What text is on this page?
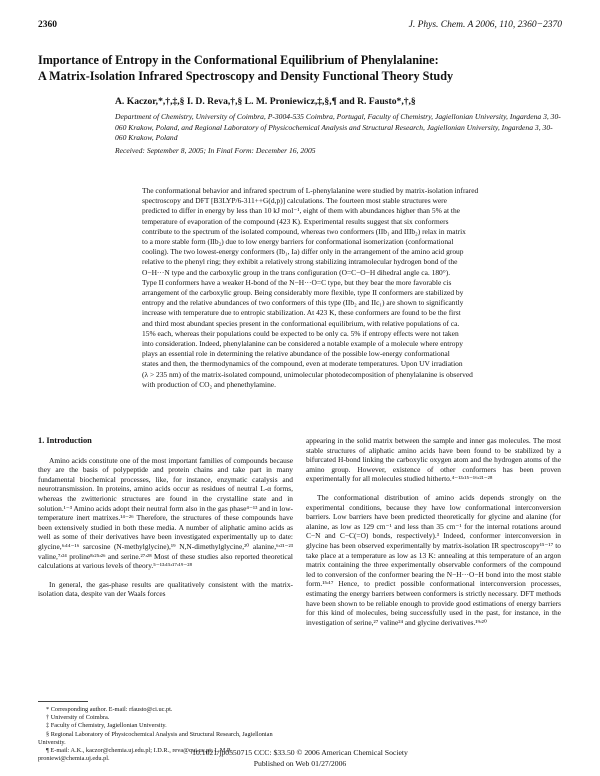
2360	J. Phys. Chem. A 2006, 110, 2360−2370
Importance of Entropy in the Conformational Equilibrium of Phenylalanine:
A Matrix-Isolation Infrared Spectroscopy and Density Functional Theory Study
A. Kaczor,*,†,‡,§ I. D. Reva,†,§ L. M. Proniewicz,‡,§,¶ and R. Fausto*,†,§
Department of Chemistry, University of Coimbra, P-3004-535 Coimbra, Portugal, Faculty of Chemistry, Jagiellonian University, Ingardena 3, 30-060 Krakow, Poland, and Regional Laboratory of Physicochemical Analysis and Structural Research, Jagiellonian University, Ingardena 3, 30-060 Krakow, Poland
Received: September 8, 2005; In Final Form: December 16, 2005
The conformational behavior and infrared spectrum of L-phenylalanine were studied by matrix-isolation infrared
spectroscopy and DFT [B3LYP/6-311++G(d,p)] calculations. The fourteen most stable structures were
predicted to differ in energy by less than 10 kJ mol⁻¹, eight of them with abundances higher than 5% at the
temperature of evaporation of the compound (423 K). Experimental results suggest that six conformers
contribute to the spectrum of the isolated compound, whereas two conformers (IIb₁ and IIIb₂) relax in matrix
to a more stable form (IIb₂) due to low energy barriers for conformational isomerization (conformational
cooling). The two lowest-energy conformers (Ib₁, Ia) differ only in the arrangement of the amino acid group
relative to the phenyl ring; they exhibit a relatively strong stabilizing intramolecular hydrogen bond of the
O−H···N type and the carboxylic group in the trans configuration (O=C−O−H dihedral angle ca. 180°).
Type II conformers have a weaker H-bond of the N−H···O=C type, but they bear the more favorable cis
arrangement of the carboxylic group. Being considerably more flexible, type II conformers are stabilized by
entropy and the relative abundances of two conformers of this type (IIb₂ and IIc₁) are shown to significantly
increase with temperature due to entropic stabilization. At 423 K, these conformers are found to be the first
and third most abundant species present in the conformational equilibrium, with relative populations of ca.
15% each, whereas their populations could be expected to be only ca. 5% if entropy effects were not taken
into consideration. Indeed, phenylalanine can be considered a notable example of a molecule where entropy
plays an essential role in determining the relative abundance of the possible low-energy conformational
states and then, the thermodynamics of the compound, even at moderate temperatures. Upon UV irradiation
(λ > 235 nm) of the matrix-isolated compound, unimolecular photodecomposition of phenylalanine is observed
with production of CO₂ and phenethylamine.
1. Introduction

Amino acids constitute one of the most important families of compounds because they are the basis of polypeptide and protein chains and take part in many fundamental biochemical processes, like, for instance, enzymatic catalysis and neurotransmission. In proteins, amino acids occur as residues of neutral L-α forms, whereas the zwitterionic structures are found in the crystalline state and in solution.¹⁻³ Amino acids adopt their neutral form also in the gas phase⁴⁻¹³ and in low-temperature inert matrixes.¹⁴⁻²⁶ Therefore, the structures of these compounds have been extensively studied in both these media. A number of aliphatic amino acids as well as some of their derivatives have been investigated experimentally up to date: glycine,⁶ʴ¹⁴⁻¹⁶ sarcosine (N-methylglycine),¹⁹ N,N-dimethylglycine,²⁰ alanine,⁶ʴ²¹⁻²³ valine,⁷ʴ²⁴ proline⁸ʴ²⁵ʴ²⁶ and serine.²⁷ʴ²⁸ Most of these studies also reported theoretical calculations at various levels of theory.⁵⁻¹³ʴ¹⁵ʴ¹⁷ʴ¹⁹⁻²⁸

In general, the gas-phase results are qualitatively consistent with the matrix-isolation data, despite van der Waals forces

appearing in the solid matrix between the sample and inner gas molecules. The most stable structures of aliphatic amino acids have been found to be stabilized by a bifurcated H-bond linking the carboxylic oxygen atom and the hydrogen atoms of the amino group. However, existence of other conformers has been proven experimentally for all molecules studied hitherto.⁴⁻¹³ʴ¹⁵⁻¹⁶ʴ²¹⁻²⁸

The conformational distribution of amino acids depends strongly on the experimental conditions, because they have low conformational interconversion barriers. Low barriers have been predicted theoretically for glycine and alanine (for alanine, as low as 129 cm⁻¹ and less than 35 cm⁻¹ for the internal rotations around C−N and C−C(=O) bonds, respectively).³ Indeed, conformer interconversion in glycine has been observed experimentally by matrix-isolation IR spectroscopy¹⁵⁻¹⁷ to take place at a temperature as low as 13 K: annealing at this temperature of an argon matrix containing the three experimentally observable conformers of the compound led to conversion of the conformer bearing the N−H···O−H bond into the most stable form.¹⁵ʴ¹⁷ Hence, to predict possible conformational interconversion processes, estimating the energy barriers between conformers is strictly necessary. DFT methods have been shown to be reliable enough to provide good estimations of energy barriers for this kind of molecules, being successfully used in the past, for instance, in the investigation of serine,²⁷ valine²⁴ and glycine derivatives.¹⁹ʴ²⁰

* Corresponding author. E-mail: rfausto@ci.uc.pt.
† University of Coimbra.
‡ Faculty of Chemistry, Jagiellonian University.
§ Regional Laboratory of Physicochemical Analysis and Structural Research, Jagiellonian University.
¶ E-mail: A.K., kaczor@chemia.uj.edu.pl; I.D.R., reva@qui.uc.pt; L.M.P., proniewi@chemia.uj.edu.pl.
10.1021/jp0550715 CCC: $33.50 © 2006 American Chemical Society
Published on Web 01/27/2006
